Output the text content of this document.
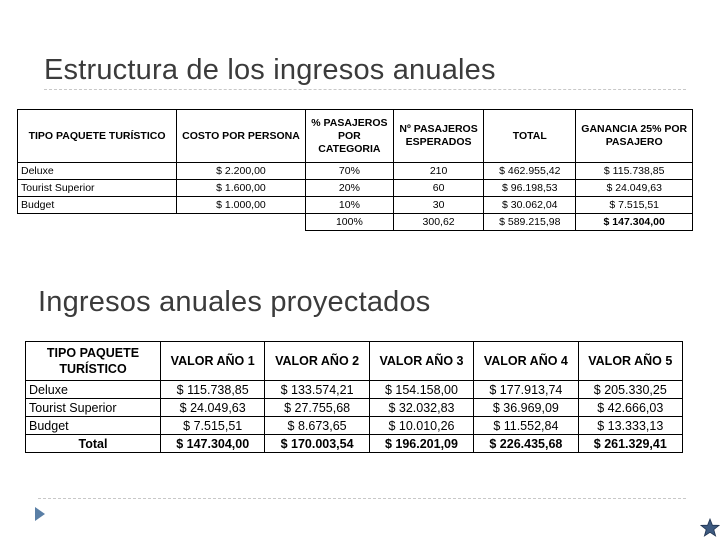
Estructura de los ingresos anuales
TIPO PAQUETE TURÍSTICO	COSTO POR PERSONA	% PASAJEROS POR CATEGORIA	Nº PASAJEROS ESPERADOS	TOTAL	GANANCIA 25% POR PASAJERO
Deluxe	$ 2.200,00	70%	210	$ 462.955,42	$ 115.738,85
Tourist Superior	$ 1.600,00	20%	60	$ 96.198,53	$ 24.049,63
Budget	$ 1.000,00	10%	30	$ 30.062,04	$ 7.515,51
		100%	300,62	$ 589.215,98	$ 147.304,00
Ingresos anuales proyectados
TIPO PAQUETE TURÍSTICO	VALOR AÑO 1	VALOR AÑO 2	VALOR AÑO 3	VALOR AÑO 4	VALOR AÑO 5
Deluxe	$ 115.738,85	$ 133.574,21	$ 154.158,00	$ 177.913,74	$ 205.330,25
Tourist Superior	$ 24.049,63	$ 27.755,68	$ 32.032,83	$ 36.969,09	$ 42.666,03
Budget	$ 7.515,51	$ 8.673,65	$ 10.010,26	$ 11.552,84	$ 13.333,13
Total	$ 147.304,00	$ 170.003,54	$ 196.201,09	$ 226.435,68	$ 261.329,41
